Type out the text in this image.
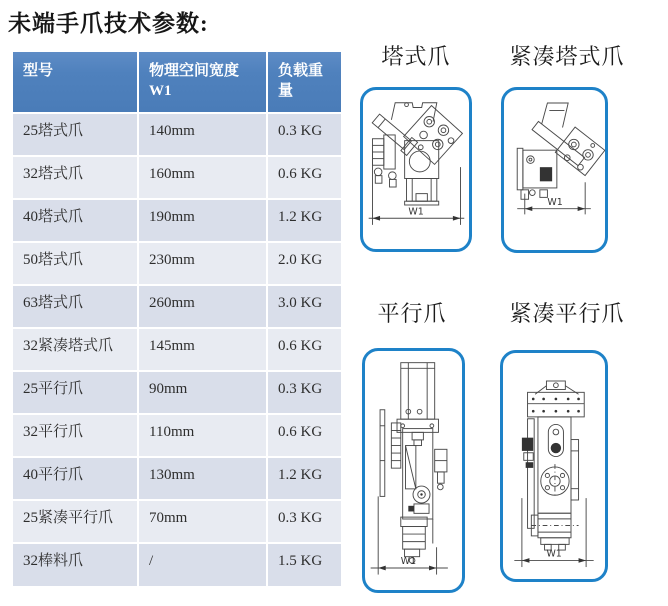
未端手爪技术参数:
型号	物理空间宽度 W1	负载重量
25塔式爪	140mm	0.3 KG
32塔式爪	160mm	0.6 KG
40塔式爪	190mm	1.2 KG
50塔式爪	230mm	2.0 KG
63塔式爪	260mm	3.0 KG
32紧凑塔式爪	145mm	0.6 KG
25平行爪	90mm	0.3 KG
32平行爪	110mm	0.6 KG
40平行爪	130mm	1.2 KG
25紧凑平行爪	70mm	0.3 KG
32棒料爪	/	1.5 KG
塔式爪	紧凑塔式爪
平行爪	紧凑平行爪
W1
W1
W1
W1
